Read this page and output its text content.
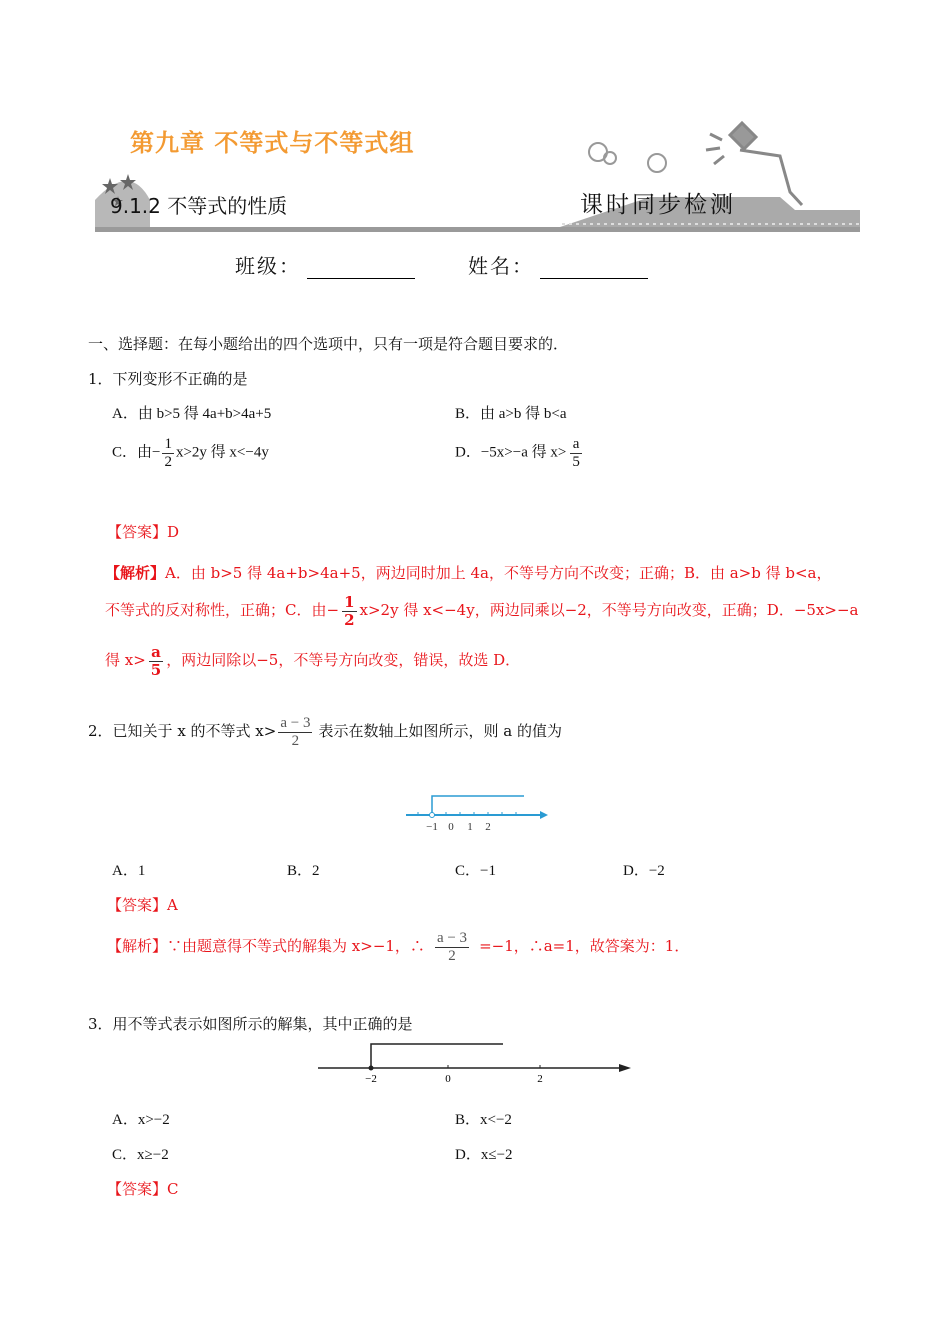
第九章 不等式与不等式组
9.1.2 不等式的性质	课时同步检测
班级：	姓名：
一、选择题：在每小题给出的四个选项中，只有一项是符合题目要求的．
1．下列变形不正确的是
A．由 b>5 得 4a+b>4a+5	B．由 a>b 得 b<a
C．由− $\frac{1}{2} x>2y$ 得 x<−4y	D．−5x>−a 得 $x> \frac{a}{5}$
【答案】D
【解析】A．由 b>5 得 4a+b>4a+5，两边同时加上 4a，不等号方向不改变；正确；B．由 a>b 得 b<a，
不等式的反对称性，正确；C．由− $\frac{1}{2} x>2y$ 得 x<−4y，两边同乘以−2，不等号方向改变，正确；D．−5x>−a
得 $x> \frac{a}{5}$ ，两边同除以−5，不等号方向改变，错误，故选 D．
2．已知关于 x 的不等式 $x> \frac{a - 3}{2}$ 表示在数轴上如图所示，则 a 的值为
−1 0 1 2
A．1	B．2	C．−1	D．−2
【答案】A
【解析】∵由题意得不等式的解集为 x>−1，∴ $\frac{a - 3}{2} =-1$，∴a=1，故答案为：1．
3．用不等式表示如图所示的解集，其中正确的是
−2	0	2
A．x>−2	B．x<−2
C．x≥−2	D．x≤−2
【答案】C
